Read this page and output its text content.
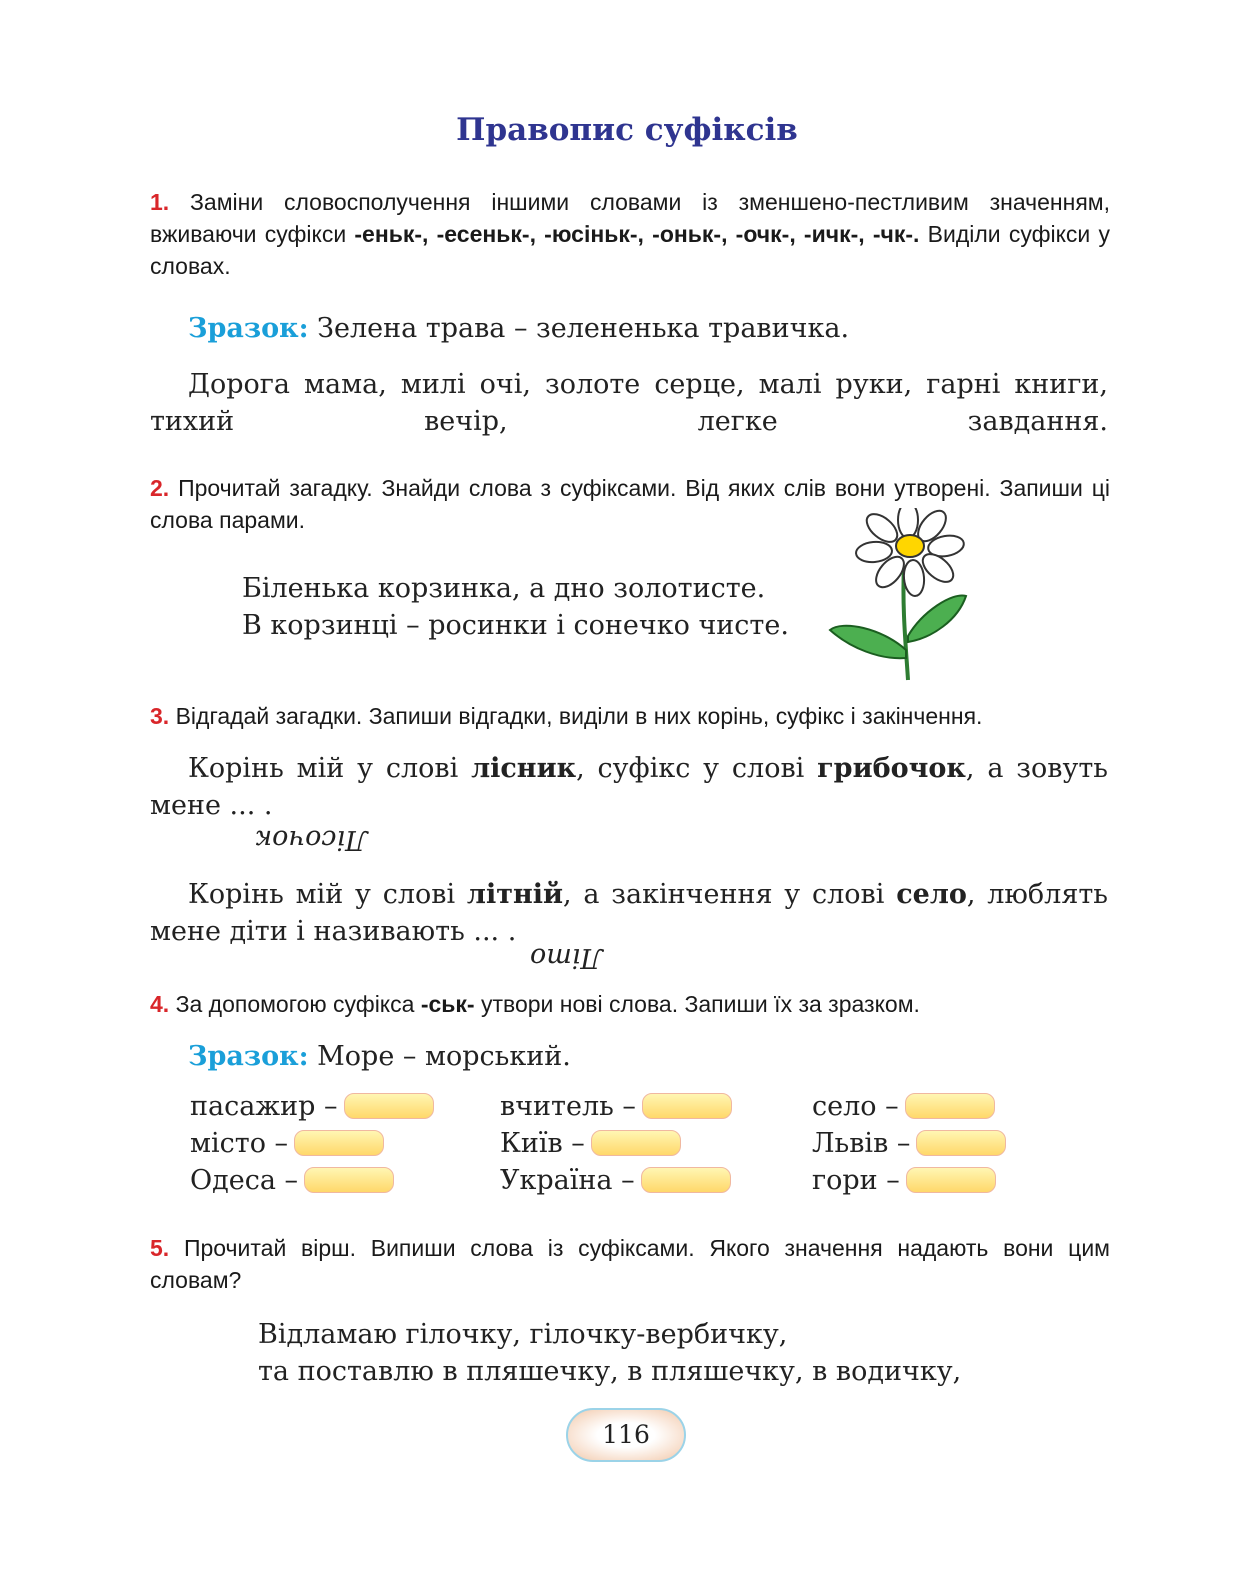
Правопис суфіксів
1. Заміни словосполучення іншими словами із зменшено-пестливим значенням, вживаючи суфікси -еньк-, -есеньк-, -юсіньк-, -оньк-, -очк-, -ичк-, -чк-. Виділи суфікси у словах.
Зразок: Зелена трава – зелененька травичка.
Дорога мама, милі очі, золоте серце, малі руки, гарні книги, тихий вечір, легке завдання.
2. Прочитай загадку. Знайди слова з суфіксами. Від яких слів вони утворені. Запиши ці слова парами.
Біленька корзинка, а дно золотисте.
В корзинці – росинки і сонечко чисте.
3. Відгадай загадки. Запиши відгадки, виділи в них корінь, суфікс і закінчення.
Корінь мій у слові лісник, суфікс у слові грибочок, а зовуть мене ... .
Лісочок
Корінь мій у слові літній, а закінчення у слові село, люблять мене діти і називають ... .
Літо
4. За допомогою суфікса -ськ- утвори нові слова. Запиши їх за зразком.
Зразок: Море – морський.
пасажир –	вчитель –	село –
місто –	Київ –	Львів –
Одеса –	Україна –	гори –
5. Прочитай вірш. Випиши слова із суфіксами. Якого значення надають вони цим словам?
Відламаю гілочку, гілочку-вербичку,
та поставлю в пляшечку, в пляшечку, в водичку,
116
